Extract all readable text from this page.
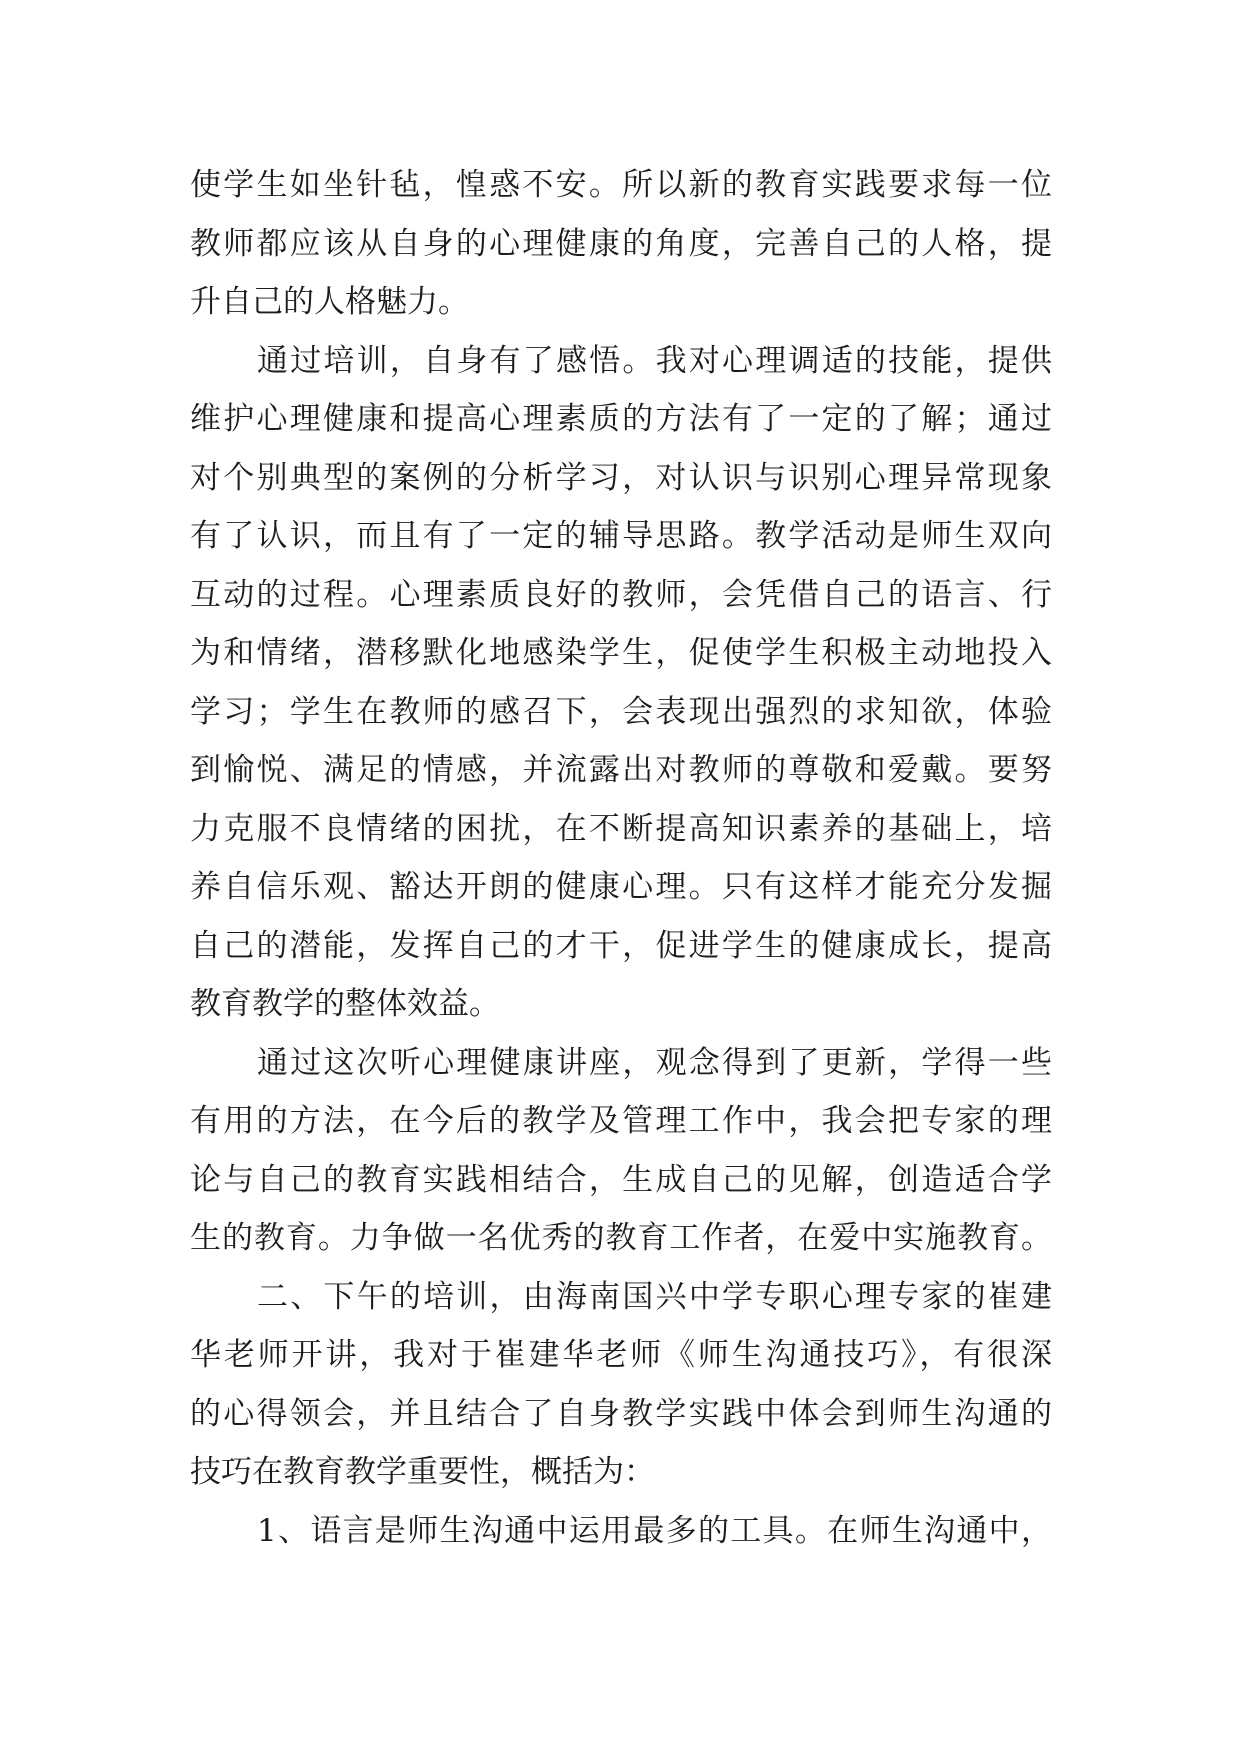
使学生如坐针毡，惶惑不安。所以新的教育实践要求每一位
教师都应该从自身的心理健康的角度，完善自己的人格，提
升自己的人格魅力。
通过培训，自身有了感悟。我对心理调适的技能，提供
维护心理健康和提高心理素质的方法有了一定的了解；通过
对个别典型的案例的分析学习，对认识与识别心理异常现象
有了认识，而且有了一定的辅导思路。教学活动是师生双向
互动的过程。心理素质良好的教师，会凭借自己的语言、行
为和情绪，潜移默化地感染学生，促使学生积极主动地投入
学习；学生在教师的感召下，会表现出强烈的求知欲，体验
到愉悦、满足的情感，并流露出对教师的尊敬和爱戴。要努
力克服不良情绪的困扰，在不断提高知识素养的基础上，培
养自信乐观、豁达开朗的健康心理。只有这样才能充分发掘
自己的潜能，发挥自己的才干，促进学生的健康成长，提高
教育教学的整体效益。
通过这次听心理健康讲座，观念得到了更新，学得一些
有用的方法，在今后的教学及管理工作中，我会把专家的理
论与自己的教育实践相结合，生成自己的见解，创造适合学
生的教育。力争做一名优秀的教育工作者，在爱中实施教育。
二、下午的培训，由海南国兴中学专职心理专家的崔建
华老师开讲，我对于崔建华老师《师生沟通技巧》，有很深
的心得领会，并且结合了自身教学实践中体会到师生沟通的
技巧在教育教学重要性，概括为：
1、语言是师生沟通中运用最多的工具。在师生沟通中，
